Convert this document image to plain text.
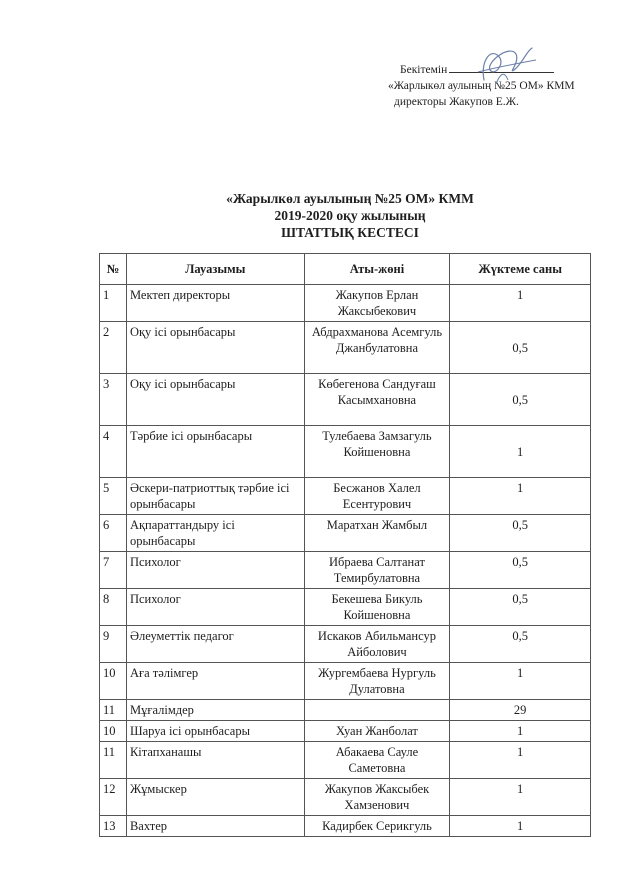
Бекітемін
«Жарлыкөл аулының №25 ОМ» КММ
директоры Жакупов Е.Ж.
«Жарылкөл ауылының №25 ОМ» КММ
2019-2020 оқу жылының
ШТАТТЫҚ КЕСТЕСІ
№	Лауазымы	Аты-жөні	Жүктеме саны
1	Мектеп директоры	Жакупов Ерлан Жаксыбекович	1
2	Оқу ісі орынбасары	Абдрахманова Асемгуль Джанбулатовна	0,5
3	Оқу ісі орынбасары	Көбегенова Сандуғаш Касымхановна	0,5
4	Тәрбие ісі орынбасары	Тулебаева Замзагуль Койшеновна	1
5	Әскери-патриоттық тәрбие ісі орынбасары	Бесжанов Халел Есентурович	1
6	Ақпараттандыру ісі орынбасары	Маратхан Жамбыл	0,5
7	Психолог	Ибраева Салтанат Темирбулатовна	0,5
8	Психолог	Бекешева Бикуль Койшеновна	0,5
9	Әлеуметтік педагог	Искаков Абильмансур Айболович	0,5
10	Аға тәлімгер	Жургембаева Нургуль Дулатовна	1
11	Мұғалімдер		29
10	Шаруа ісі орынбасары	Хуан Жанболат	1
11	Кітапханашы	Абакаева Сауле Саметовна	1
12	Жұмыскер	Жакупов Жаксыбек Хамзенович	1
13	Вахтер	Кадирбек Серикгуль	1
